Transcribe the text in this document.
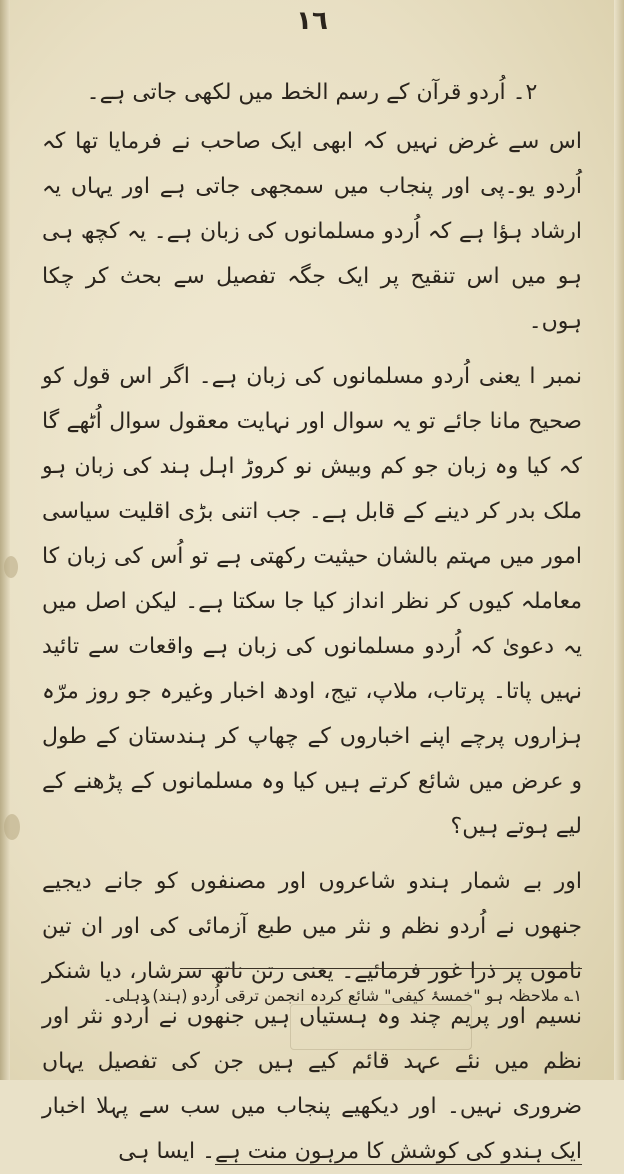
١٦

۲۔ اُردو قرآن کے رسم الخط میں لکھی جاتی ہے۔

اس سے غرض نہیں کہ ابھی ایک صاحب نے فرمایا تھا کہ اُردو یو۔پی اور پنجاب میں سمجھی جاتی ہے اور یہاں یہ ارشاد ہؤا ہے کہ اُردو مسلمانوں کی زبان ہے۔ یہ کچھ ہی ہو میں اس تنقیح پر ایک جگہ تفصیل سے بحث کر چکا ہوں۔

نمبر ا یعنی اُردو مسلمانوں کی زبان ہے۔ اگر اس قول کو صحیح مانا جائے تو یہ سوال اور نہایت معقول سوال اُٹھے گا کہ کیا وہ زبان جو کم وبیش نو کروڑ اہل ہند کی زبان ہو ملک بدر کر دینے کے قابل ہے۔ جب اتنی بڑی اقلیت سیاسی امور میں مہتم بالشان حیثیت رکھتی ہے تو اُس کی زبان کا معاملہ کیوں کر نظر انداز کیا جا سکتا ہے۔ لیکن اصل میں یہ دعویٰ کہ اُردو مسلمانوں کی زبان ہے واقعات سے تائید نہیں پاتا۔ پرتاب، ملاپ، تیج، اودھ اخبار وغیرہ جو روز مرّہ ہزاروں پرچے اپنے اخباروں کے چھاپ کر ہندستان کے طول و عرض میں شائع کرتے ہیں کیا وہ مسلمانوں کے پڑھنے کے لیے ہوتے ہیں؟

اور بے شمار ہندو شاعروں اور مصنفوں کو جانے دیجیے جنھوں نے اُردو نظم و نثر میں طبع آزمائی کی اور ان تین ناموں پر ذرا غور فرمائیے۔ یعنی رتن ناتھ سرشار، دیا شنکر نسیم اور پریم چند وہ ہستیاں ہیں جنھوں نے اُردو نثر اور نظم میں نئے عہد قائم کیے ہیں جن کی تفصیل یہاں ضروری نہیں۔ اور دیکھیے پنجاب میں سب سے پہلا اخبار ایک ہندو کی کوشش کا مرہون منت ہے۔ ایسا ہی

۱؎ ملاحظہ ہو "خمسۂ کیفی" شائع کردہ انجمن ترقی اُردو (ہند) دہلی۔
